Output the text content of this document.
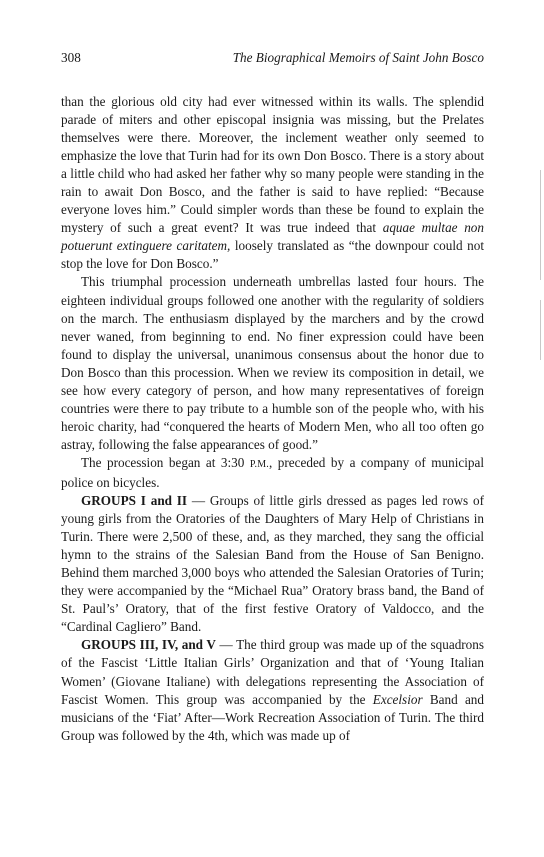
308	The Biographical Memoirs of Saint John Bosco

than the glorious old city had ever witnessed within its walls. The splendid parade of miters and other episcopal insignia was missing, but the Prelates themselves were there. Moreover, the inclement weather only seemed to emphasize the love that Turin had for its own Don Bosco. There is a story about a little child who had asked her father why so many people were standing in the rain to await Don Bosco, and the father is said to have replied: “Because everyone loves him.” Could simpler words than these be found to explain the mystery of such a great event? It was true indeed that aquae multae non potuerunt extinguere caritatem, loosely translated as “the downpour could not stop the love for Don Bosco.”

This triumphal procession underneath umbrellas lasted four hours. The eighteen individual groups followed one another with the regularity of soldiers on the march. The enthusiasm displayed by the marchers and by the crowd never waned, from beginning to end. No finer expression could have been found to display the universal, unanimous consensus about the honor due to Don Bosco than this procession. When we review its composition in detail, we see how every category of person, and how many representatives of foreign countries were there to pay tribute to a humble son of the people who, with his heroic charity, had “conquered the hearts of Modern Men, who all too often go astray, following the false appearances of good.”

The procession began at 3:30 P.M., preceded by a company of municipal police on bicycles.

GROUPS I and II — Groups of little girls dressed as pages led rows of young girls from the Oratories of the Daughters of Mary Help of Christians in Turin. There were 2,500 of these, and, as they marched, they sang the official hymn to the strains of the Salesian Band from the House of San Benigno. Behind them marched 3,000 boys who attended the Salesian Oratories of Turin; they were accompanied by the “Michael Rua” Oratory brass band, the Band of St. Paul’s’ Oratory, that of the first festive Oratory of Valdocco, and the “Cardinal Cagliero” Band.

GROUPS III, IV, and V — The third group was made up of the squadrons of the Fascist ‘Little Italian Girls’ Organization and that of ‘Young Italian Women’ (Giovane Italiane) with delegations representing the Association of Fascist Women. This group was accompanied by the Excelsior Band and musicians of the ‘Fiat’ After—Work Recreation Association of Turin. The third Group was followed by the 4th, which was made up of
